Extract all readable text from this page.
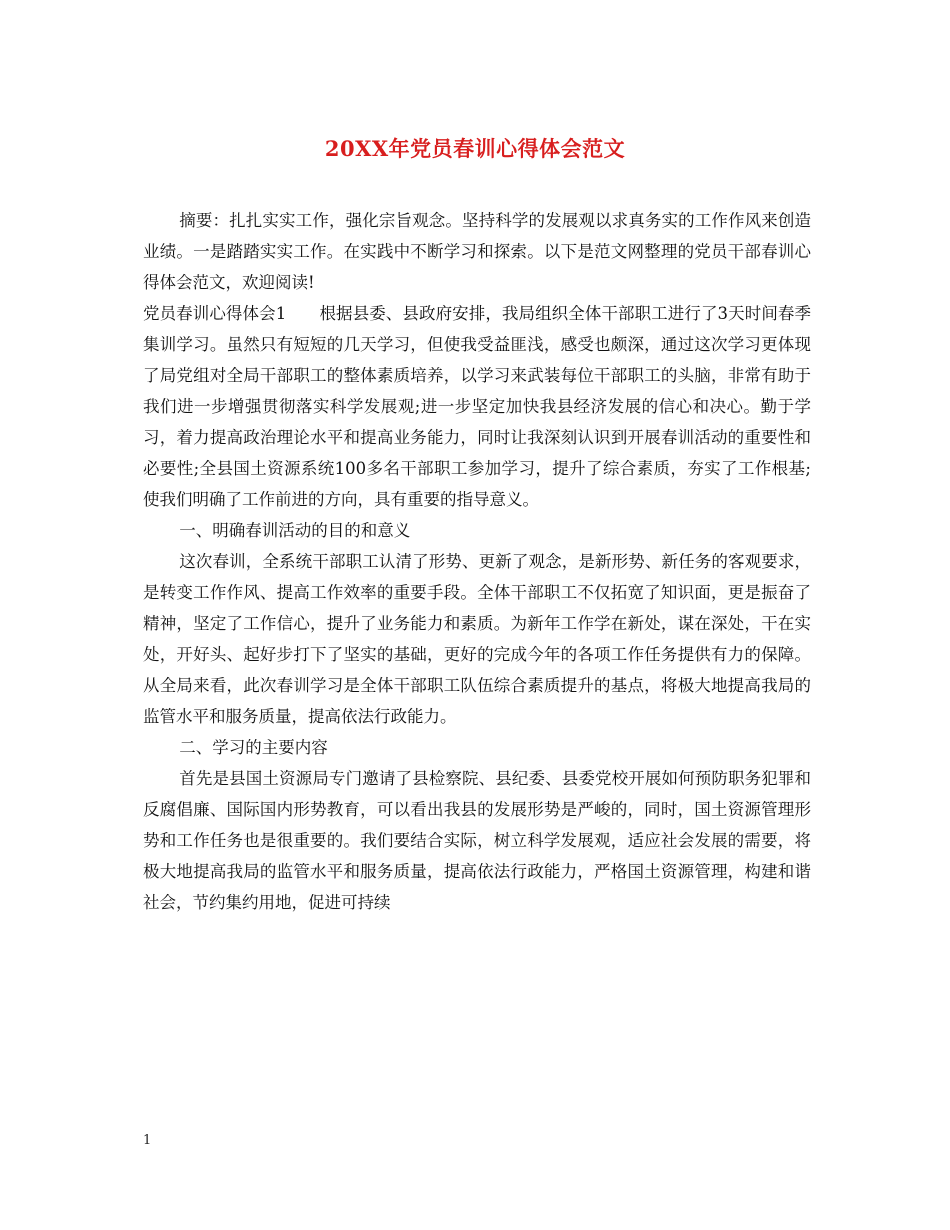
20XX年党员春训心得体会范文

摘要：扎扎实实工作，强化宗旨观念。坚持科学的发展观以求真务实的工作作风来创造业绩。一是踏踏实实工作。在实践中不断学习和探索。以下是范文网整理的党员干部春训心得体会范文，欢迎阅读!

党员春训心得体会1　　根据县委、县政府安排，我局组织全体干部职工进行了3天时间春季集训学习。虽然只有短短的几天学习，但使我受益匪浅，感受也颇深，通过这次学习更体现了局党组对全局干部职工的整体素质培养，以学习来武装每位干部职工的头脑，非常有助于我们进一步增强贯彻落实科学发展观;进一步坚定加快我县经济发展的信心和决心。勤于学习，着力提高政治理论水平和提高业务能力，同时让我深刻认识到开展春训活动的重要性和必要性;全县国土资源系统100多名干部职工参加学习，提升了综合素质，夯实了工作根基;使我们明确了工作前进的方向，具有重要的指导意义。

一、明确春训活动的目的和意义

这次春训，全系统干部职工认清了形势、更新了观念，是新形势、新任务的客观要求，是转变工作作风、提高工作效率的重要手段。全体干部职工不仅拓宽了知识面，更是振奋了精神，坚定了工作信心，提升了业务能力和素质。为新年工作学在新处，谋在深处，干在实处，开好头、起好步打下了坚实的基础，更好的完成今年的各项工作任务提供有力的保障。从全局来看，此次春训学习是全体干部职工队伍综合素质提升的基点，将极大地提高我局的监管水平和服务质量，提高依法行政能力。

二、学习的主要内容

首先是县国土资源局专门邀请了县检察院、县纪委、县委党校开展如何预防职务犯罪和反腐倡廉、国际国内形势教育，可以看出我县的发展形势是严峻的，同时，国土资源管理形势和工作任务也是很重要的。我们要结合实际，树立科学发展观，适应社会发展的需要，将极大地提高我局的监管水平和服务质量，提高依法行政能力，严格国土资源管理，构建和谐社会，节约集约用地，促进可持续

1
